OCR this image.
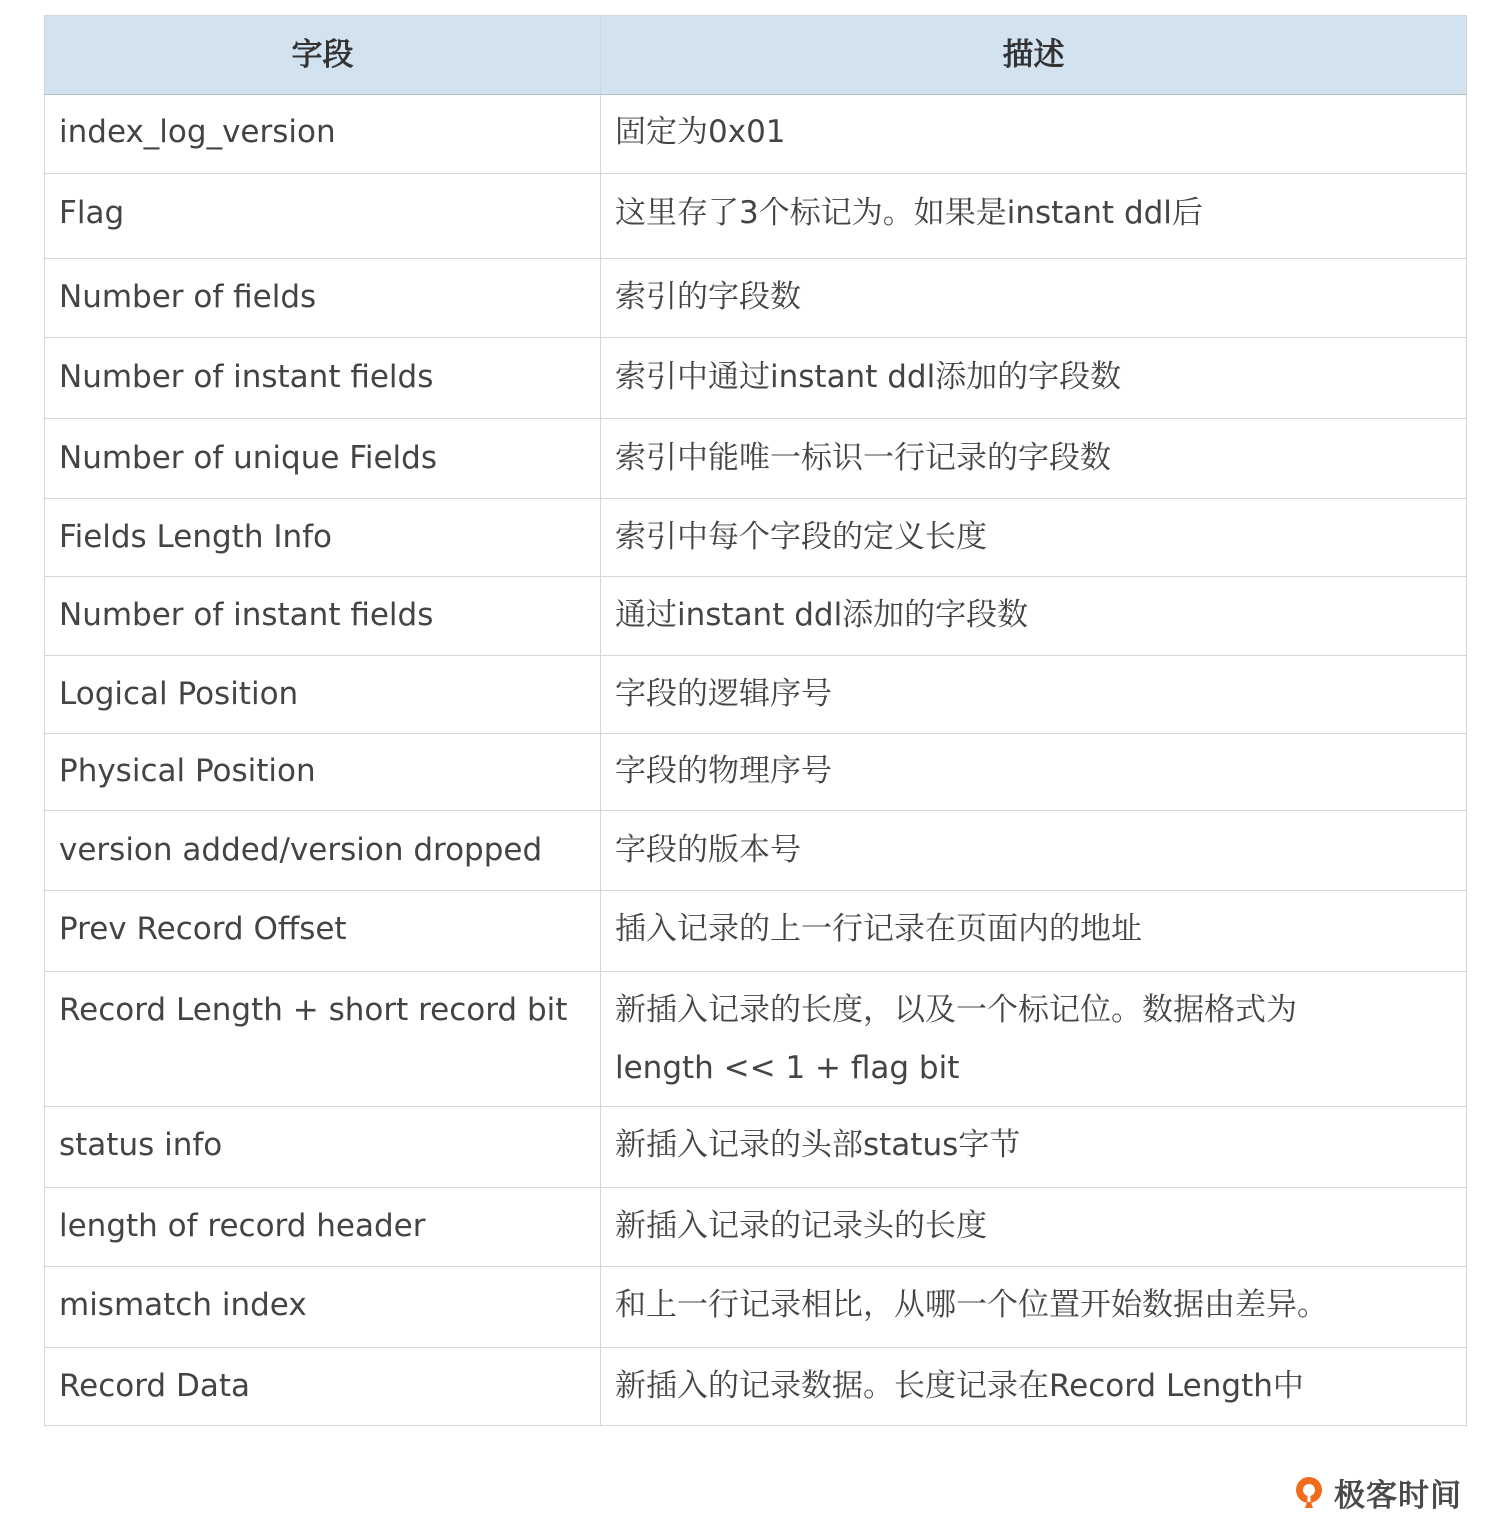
字段	描述
index_log_version	固定为0x01
Flag	这里存了3个标记为。如果是instant ddl后
Number of fields	索引的字段数
Number of instant fields	索引中通过instant ddl添加的字段数
Number of unique Fields	索引中能唯一标识一行记录的字段数
Fields Length Info	索引中每个字段的定义长度
Number of instant fields	通过instant ddl添加的字段数
Logical Position	字段的逻辑序号
Physical Position	字段的物理序号
version added/version dropped	字段的版本号
Prev Record Offset	插入记录的上一行记录在页面内的地址
Record Length + short record bit	新插入记录的长度，以及一个标记位。数据格式为
length << 1 + flag bit

status info	新插入记录的头部status字节
length of record header	新插入记录的记录头的长度
mismatch index	和上一行记录相比，从哪一个位置开始数据由差异。
Record Data	新插入的记录数据。长度记录在Record Length中
极客时间
